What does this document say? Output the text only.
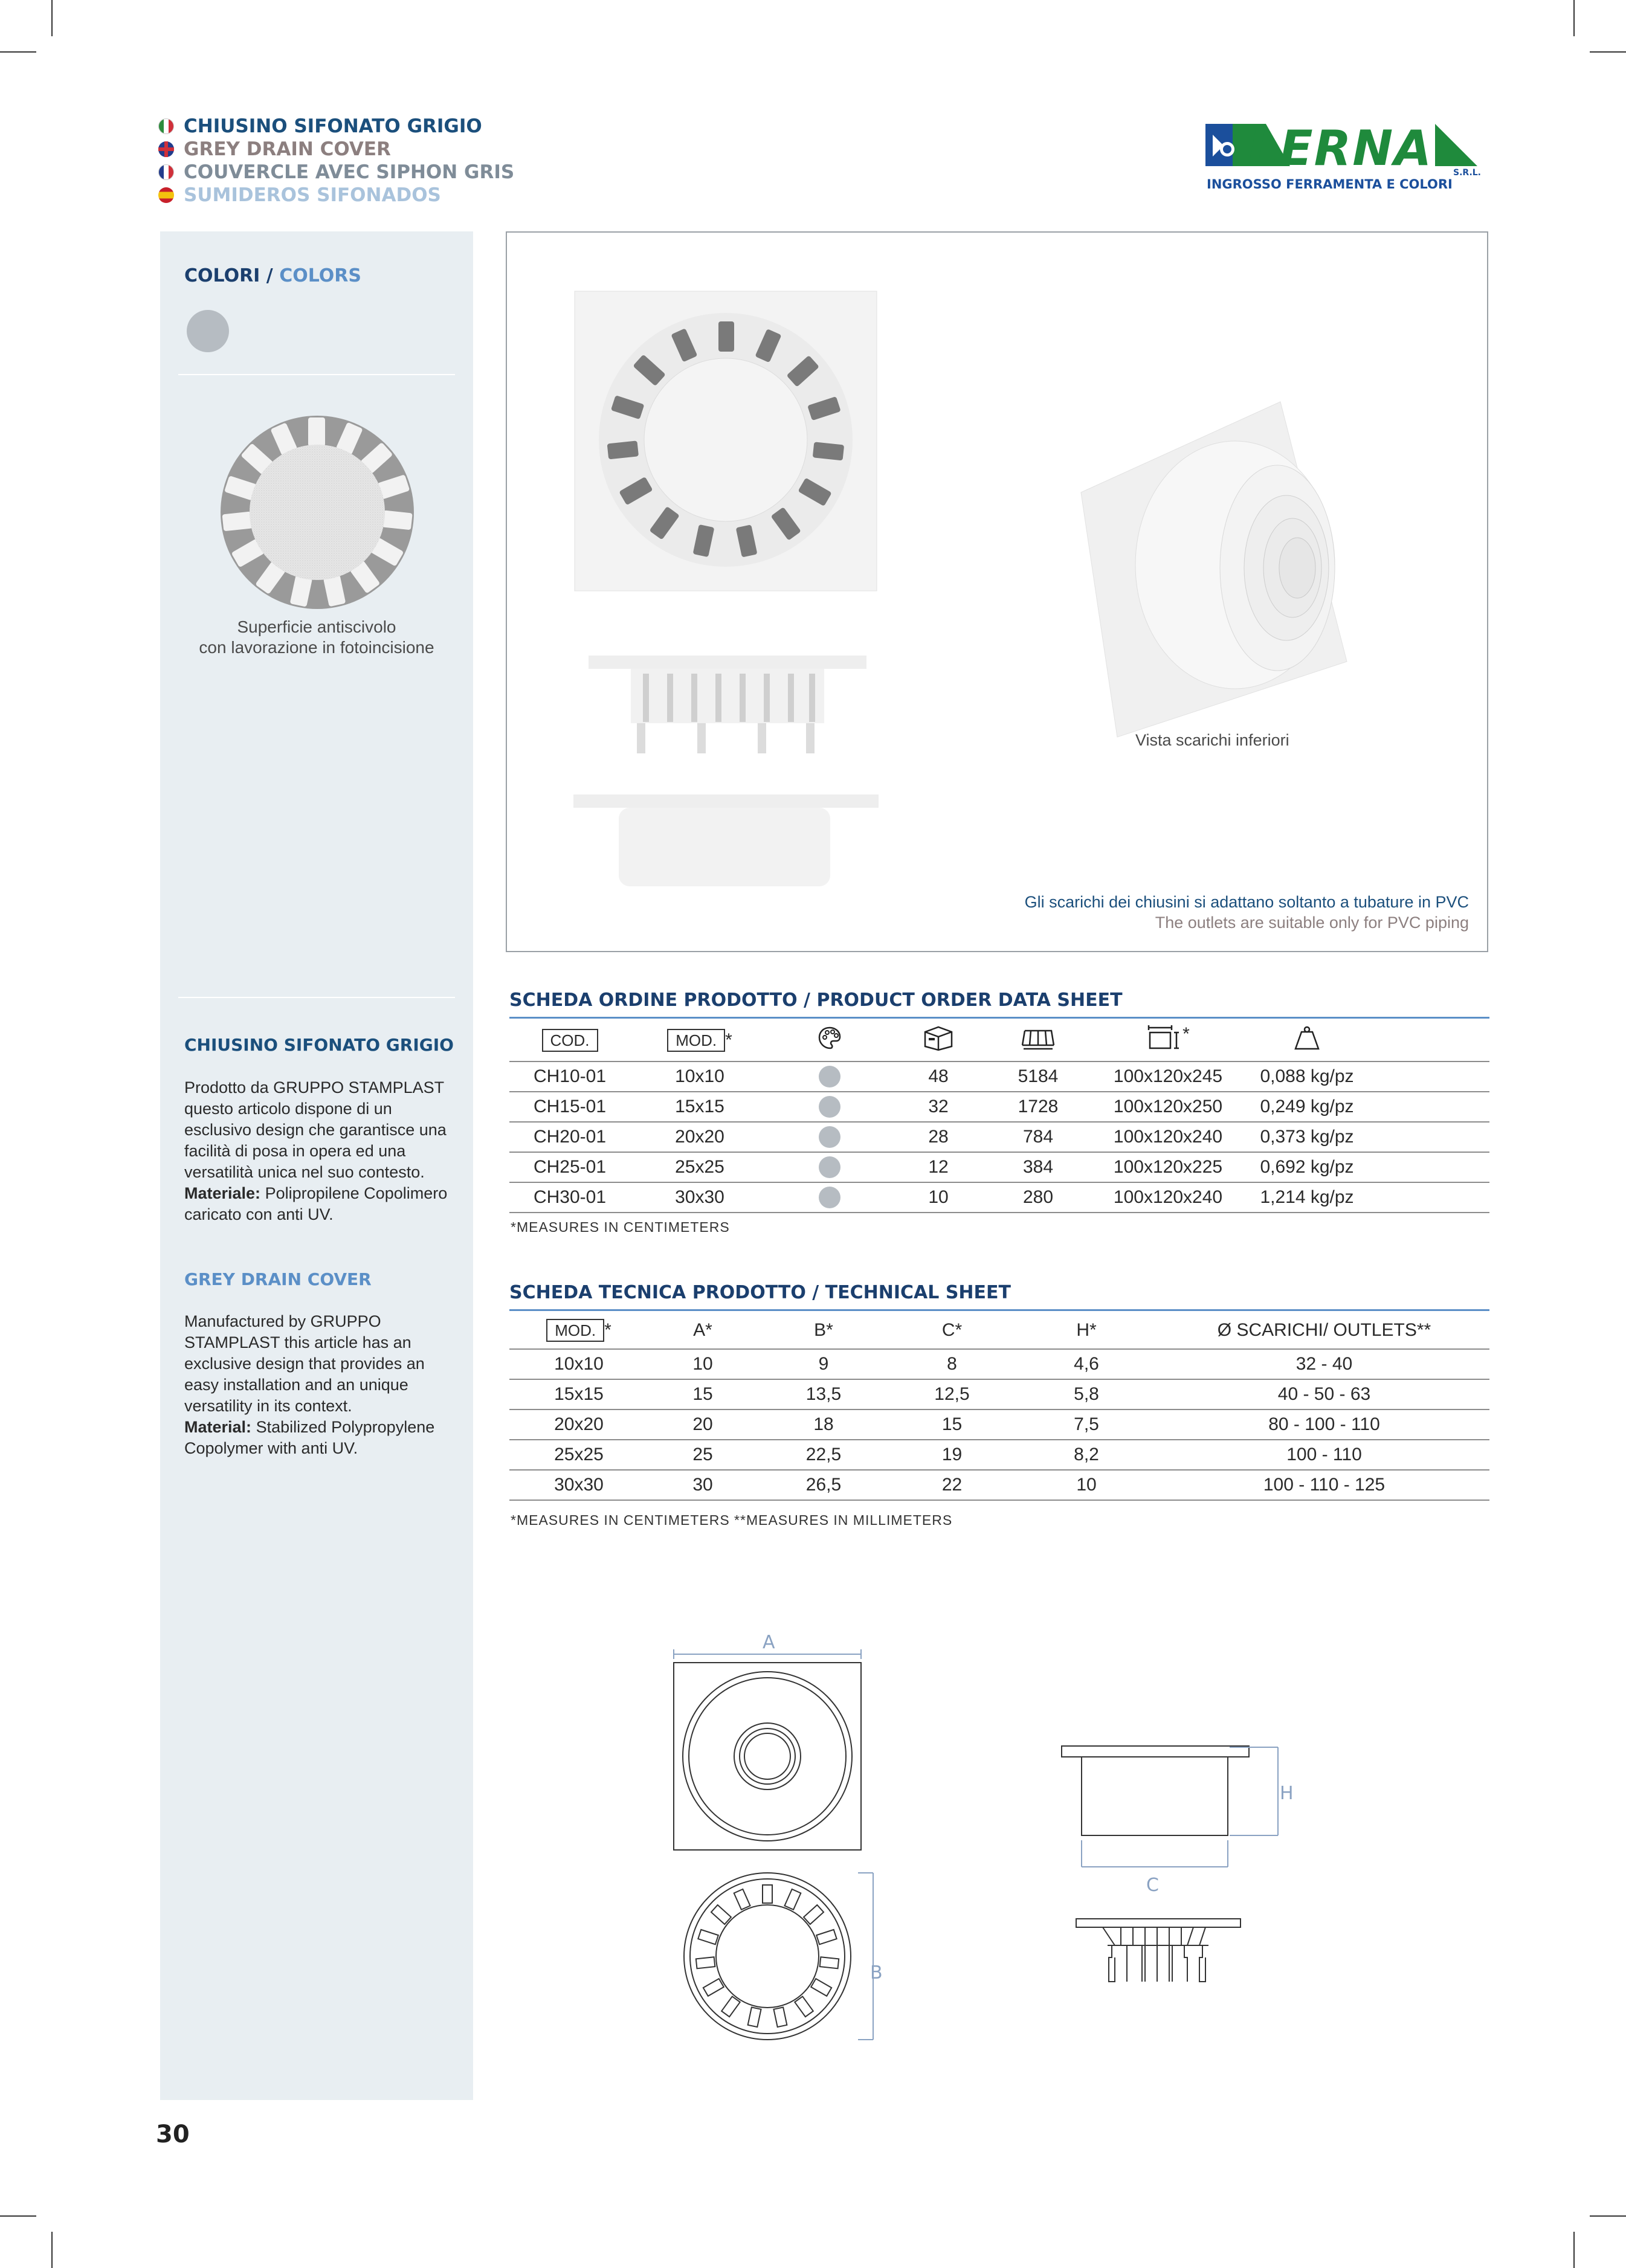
CHIUSINO SIFONATO GRIGIO
GREY DRAIN COVER
COUVERCLE AVEC SIPHON GRIS
SUMIDEROS SIFONADOS
LERNA S.R.L.
INGROSSO FERRAMENTA E COLORI
COLORI / COLORS
Superficie antiscivolo
con lavorazione in fotoincisione
CHIUSINO SIFONATO GRIGIO
Prodotto da GRUPPO STAMPLAST questo articolo dispone di un esclusivo design che garantisce una facilità di posa in opera ed una versatilità unica nel suo contesto.
Materiale: Polipropilene Copolimero caricato con anti UV.
GREY DRAIN COVER
Manufactured by GRUPPO STAMPLAST this article has an exclusive design that provides an easy installation and an unique versatility in its context.
Material: Stabilized Polypropylene Copolymer with anti UV.
Vista scarichi inferiori
Gli scarichi dei chiusini si adattano soltanto a tubature in PVC
The outlets are suitable only for PVC piping
SCHEDA ORDINE PRODOTTO / PRODUCT ORDER DATA SHEET
COD.	MOD. *				*		
CH10-01	10x10		48	5184	100x120x245	0,088 kg/pz	
CH15-01	15x15		32	1728	100x120x250	0,249 kg/pz	
CH20-01	20x20		28	784	100x120x240	0,373 kg/pz	
CH25-01	25x25		12	384	100x120x225	0,692 kg/pz	
CH30-01	30x30		10	280	100x120x240	1,214 kg/pz	
*MEASURES IN CENTIMETERS
SCHEDA TECNICA PRODOTTO / TECHNICAL SHEET
MOD. *	A*	B*	C*	H*	Ø SCARICHI/ OUTLETS**
10x10	10	9	8	4,6	32 - 40
15x15	15	13,5	12,5	5,8	40 - 50 - 63
20x20	20	18	15	7,5	80 - 100 - 110
25x25	25	22,5	19	8,2	100 - 110
30x30	30	26,5	22	10	100 - 110 - 125
*MEASURES IN CENTIMETERS **MEASURES IN MILLIMETERS
A
B
H
C
30
